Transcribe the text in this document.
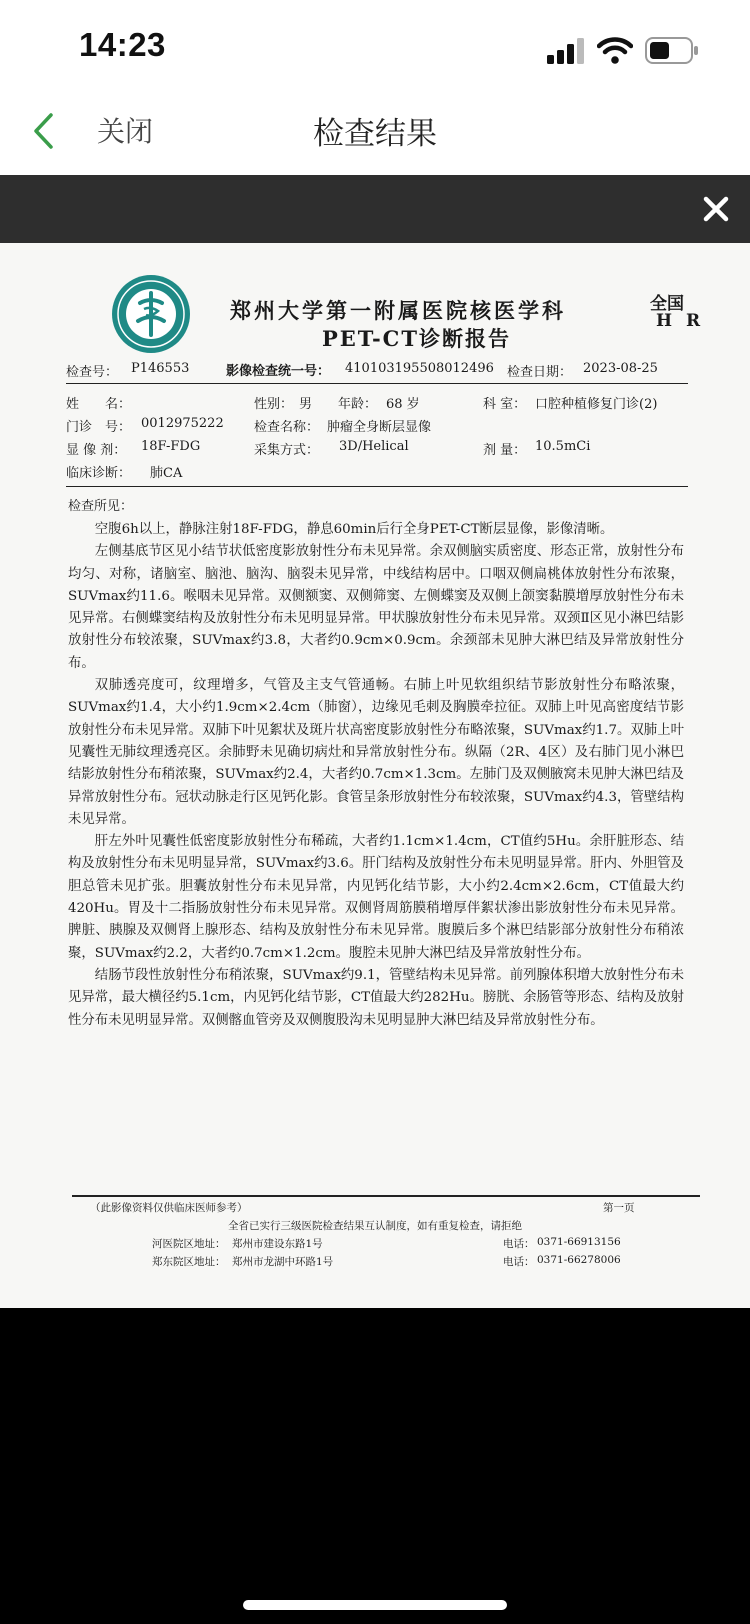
14:23
关闭	检查结果
郑州大学第一附属医院核医学科
PET-CT诊断报告
全国
H R
检查号： P146553	影像检查统一号： 410103195508012496 检查日期： 2023-08-25
姓　　名：	性别： 男 年龄： 68 岁	科 室： 口腔种植修复门诊(2)
门诊　号： 0012975222 检查名称： 肿瘤全身断层显像
显 像 剂： 18F-FDG	采集方式： 3D/Helical	剂 量： 10.5mCi
临床诊断： 肺CA
检查所见：

空腹6h以上，静脉注射18F-FDG，静息60min后行全身PET-CT断层显像，影像清晰。

左侧基底节区见小结节状低密度影放射性分布未见异常。余双侧脑实质密度、形态正常，放射性分布均匀、对称，诸脑室、脑池、脑沟、脑裂未见异常，中线结构居中。口咽双侧扁桃体放射性分布浓聚，SUVmax约11.6。喉咽未见异常。双侧额窦、双侧筛窦、左侧蝶窦及双侧上颌窦黏膜增厚放射性分布未见异常。右侧蝶窦结构及放射性分布未见明显异常。甲状腺放射性分布未见异常。双颈Ⅱ区见小淋巴结影放射性分布较浓聚，SUVmax约3.8，大者约0.9cm×0.9cm。余颈部未见肿大淋巴结及异常放射性分布。

双肺透亮度可，纹理增多，气管及主支气管通畅。右肺上叶见软组织结节影放射性分布略浓聚，SUVmax约1.4，大小约1.9cm×2.4cm（肺窗），边缘见毛刺及胸膜牵拉征。双肺上叶见高密度结节影放射性分布未见异常。双肺下叶见絮状及斑片状高密度影放射性分布略浓聚，SUVmax约1.7。双肺上叶见囊性无肺纹理透亮区。余肺野未见确切病灶和异常放射性分布。纵隔（2R、4区）及右肺门见小淋巴结影放射性分布稍浓聚，SUVmax约2.4，大者约0.7cm×1.3cm。左肺门及双侧腋窝未见肿大淋巴结及异常放射性分布。冠状动脉走行区见钙化影。食管呈条形放射性分布较浓聚，SUVmax约4.3，管壁结构未见异常。

肝左外叶见囊性低密度影放射性分布稀疏，大者约1.1cm×1.4cm，CT值约5Hu。余肝脏形态、结构及放射性分布未见明显异常，SUVmax约3.6。肝门结构及放射性分布未见明显异常。肝内、外胆管及胆总管未见扩张。胆囊放射性分布未见异常，内见钙化结节影，大小约2.4cm×2.6cm，CT值最大约420Hu。胃及十二指肠放射性分布未见异常。双侧肾周筋膜稍增厚伴絮状渗出影放射性分布未见异常。脾脏、胰腺及双侧肾上腺形态、结构及放射性分布未见异常。腹膜后多个淋巴结影部分放射性分布稍浓聚，SUVmax约2.2，大者约0.7cm×1.2cm。腹腔未见肿大淋巴结及异常放射性分布。

结肠节段性放射性分布稍浓聚，SUVmax约9.1，管壁结构未见异常。前列腺体积增大放射性分布未见异常，最大横径约5.1cm，内见钙化结节影，CT值最大约282Hu。膀胱、余肠管等形态、结构及放射性分布未见明显异常。双侧髂血管旁及双侧腹股沟未见明显肿大淋巴结及异常放射性分布。

（此影像资料仅供临床医师参考）	第一页
全省已实行三级医院检查结果互认制度，如有重复检查，请拒绝
河医院区地址： 郑州市建设东路1号	电话： 0371-66913156
郑东院区地址： 郑州市龙湖中环路1号	电话： 0371-66278006
